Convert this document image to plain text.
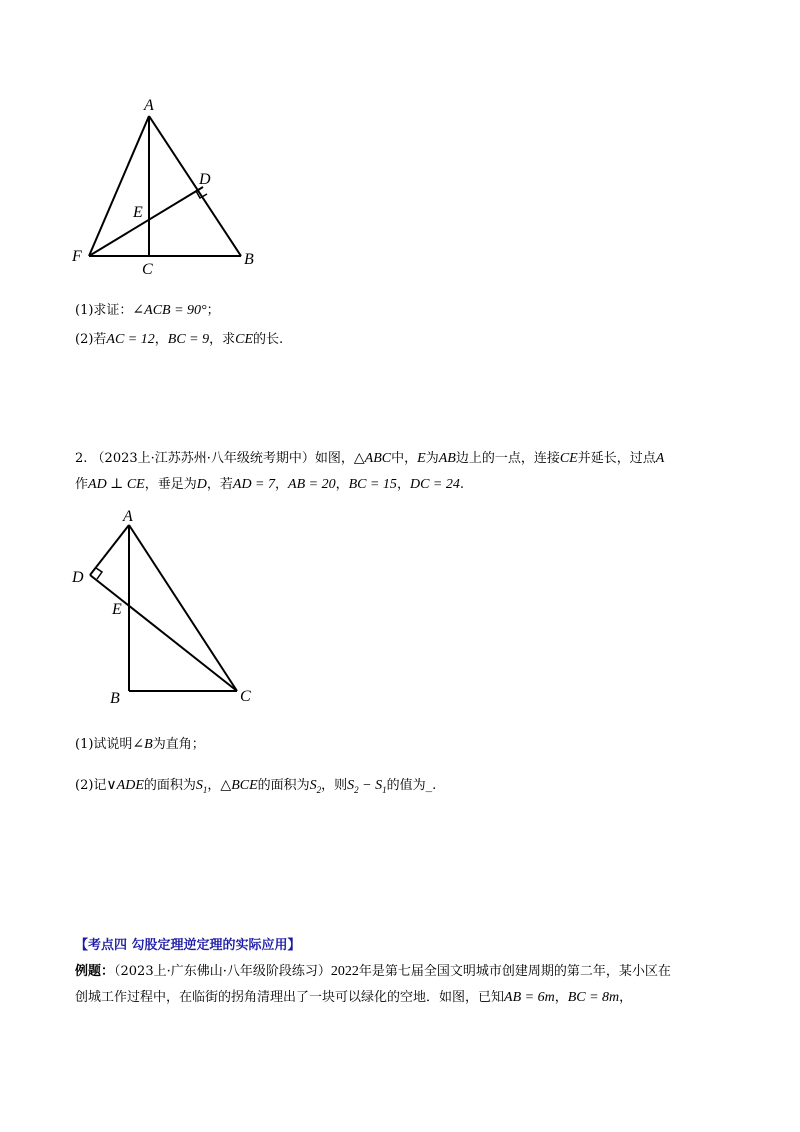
A
D
E
F
C
B
(1)求证：∠ACB = 90°；
(2)若AC = 12，BC = 9，求CE的长.
2. （2023上·江苏苏州·八年级统考期中）如图，△ABC中，E为AB边上的一点，连接CE并延长，过点A
作AD ⊥ CE，垂足为D，若AD = 7，AB = 20，BC = 15，DC = 24.
A
D
E
B	C
(1)试说明∠B为直角；
(2)记∨ADE的面积为$S_1$，△BCE的面积为$S_2$，则$S_2 - S_1$的值为_.
【考点四 勾股定理逆定理的实际应用】
例题：（2023上·广东佛山·八年级阶段练习）2022年是第七届全国文明城市创建周期的第二年，某小区在
创城工作过程中，在临街的拐角清理出了一块可以绿化的空地．如图，已知AB = 6m，BC = 8m，
